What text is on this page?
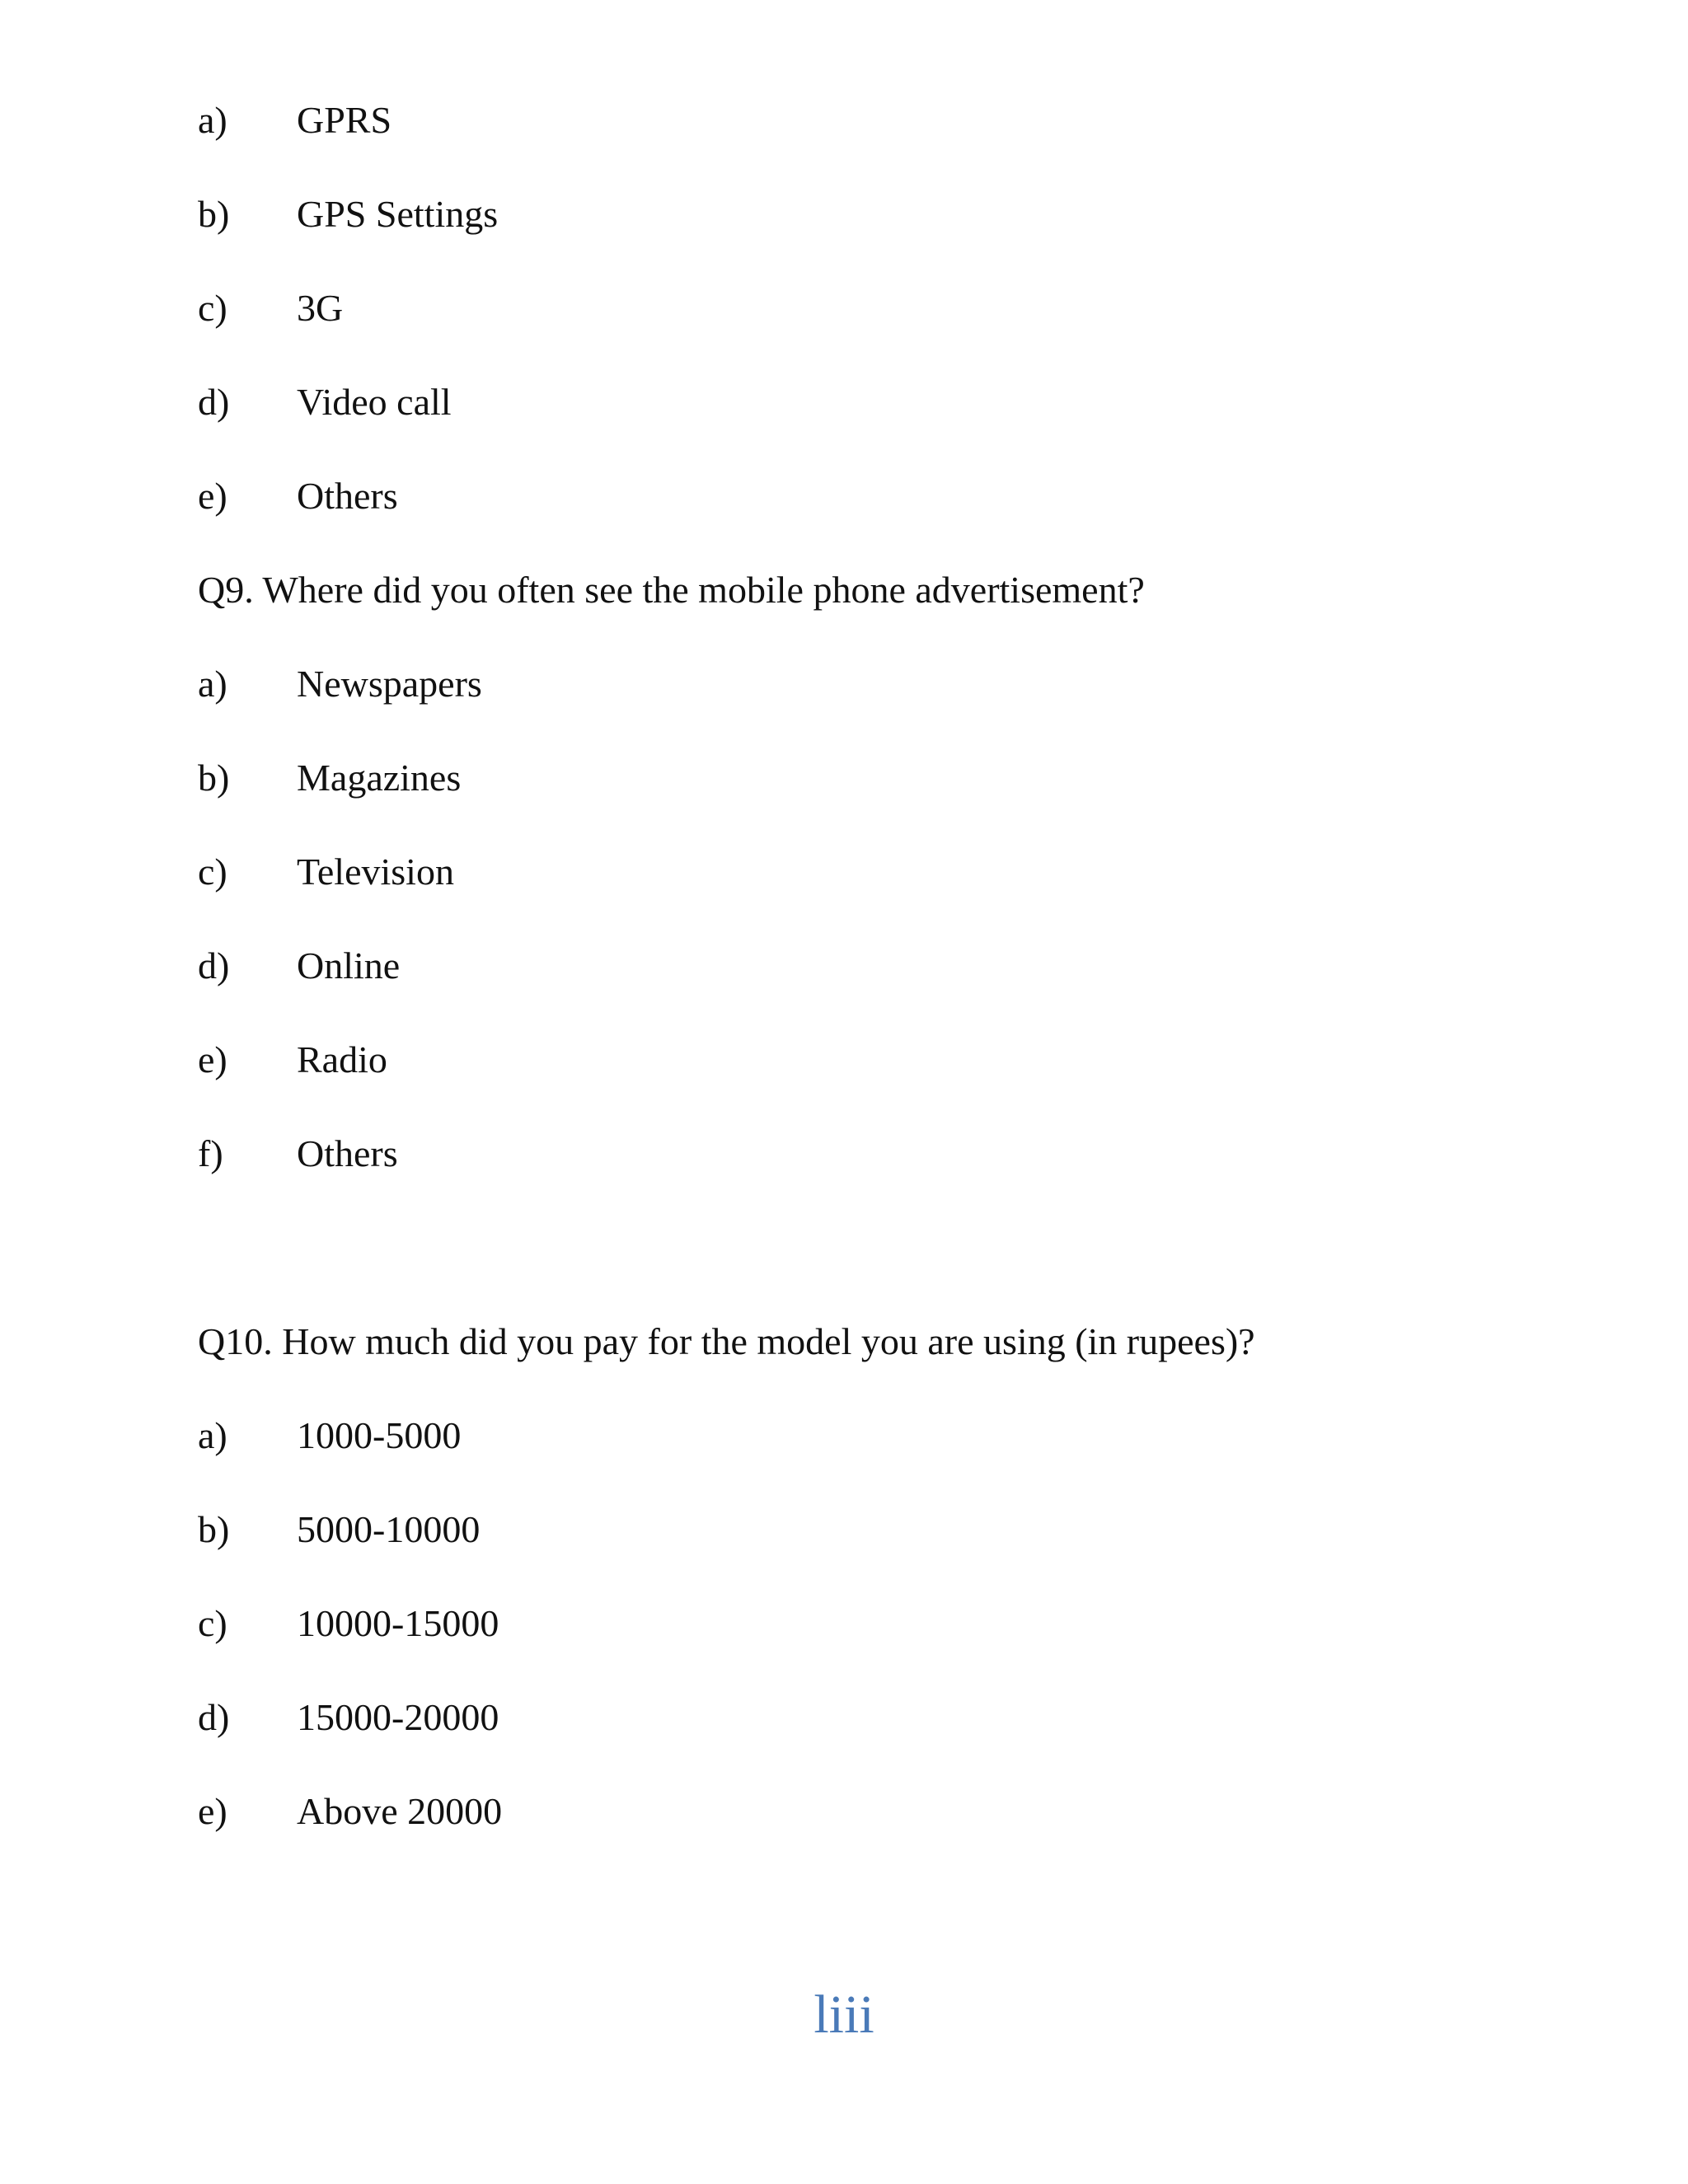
a) GPRS
b) GPS Settings
c) 3G
d) Video call
e) Others
Q9. Where did you often see the mobile phone advertisement?
a) Newspapers
b) Magazines
c) Television
d) Online
e) Radio
f) Others
Q10. How much did you pay for the model you are using (in rupees)?
a) 1000-5000
b) 5000-10000
c) 10000-15000
d) 15000-20000
e) Above 20000
liii
